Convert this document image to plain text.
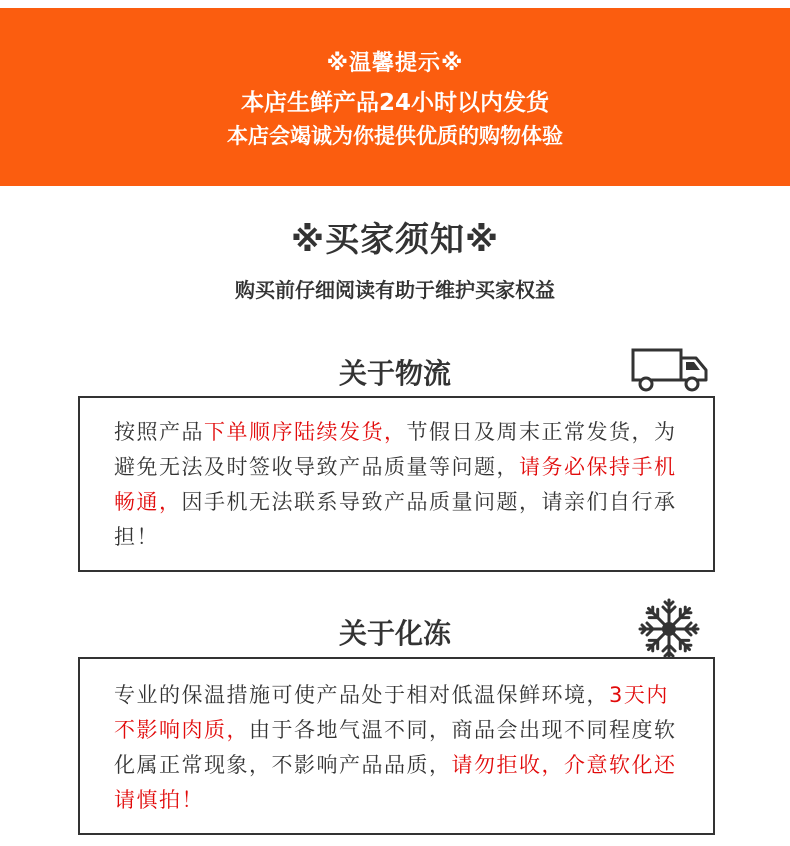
※温馨提示※
本店生鲜产品24小时以内发货
本店会竭诚为你提供优质的购物体验
※买家须知※
购买前仔细阅读有助于维护买家权益
关于物流
按照产品下单顺序陆续发货，节假日及周末正常发货，为避免无法及时签收导致产品质量等问题，请务必保持手机畅通，因手机无法联系导致产品质量问题，请亲们自行承担！
关于化冻
专业的保温措施可使产品处于相对低温保鲜环境，3天内不影响肉质，由于各地气温不同，商品会出现不同程度软化属正常现象，不影响产品品质，请勿拒收，介意软化还请慎拍！
